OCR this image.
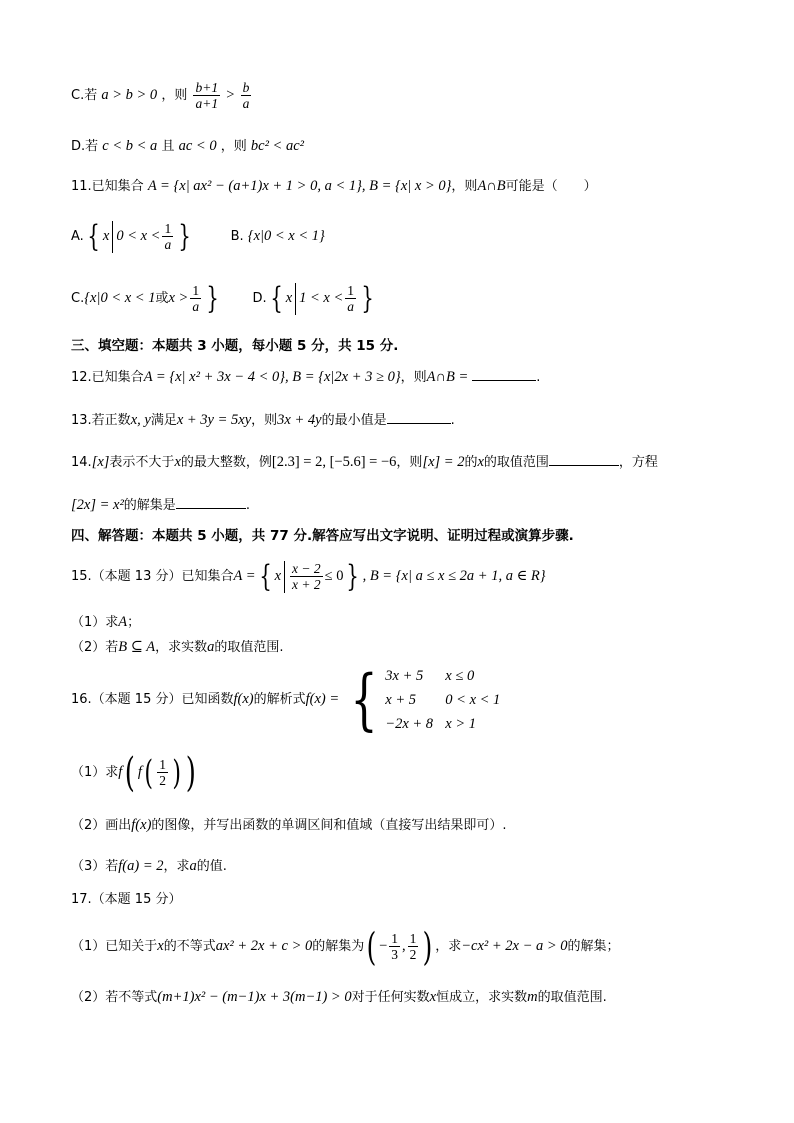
C.若 a > b > 0 ，则 $\frac{b+1}{a+1} > \frac{b}{a}$
D.若 c < b < a 且 ac < 0 ，则 bc² < ac²
11.已知集合 A = {x| ax² − (a+1)x + 1 > 0, a < 1}, B = {x| x > 0}，则A∩B可能是（　　）
A. { x $0 < x < \frac{1}{a}$ }	B. {x|0 < x < 1}
C.{x|0 < x < 1或$x > \frac{1}{a}$ }	D. { x $1 < x < \frac{1}{a}$ }
三、填空题：本题共 3 小题，每小题 5 分，共 15 分.
12.已知集合A = {x| x² + 3x − 4 < 0}, B = {x|2x + 3 ≥ 0}，则A∩B =	.
13.若正数x, y满足x + 3y = 5xy，则3x + 4y的最小值是	.
14.[x]表示不大于x的最大整数，例[2.3] = 2, [−5.6] = −6，则[x] = 2的x的取值范围	，方程
[2x] = x²的解集是	.
四、解答题：本题共 5 小题，共 77 分.解答应写出文字说明、证明过程或演算步骤.
15.（本题 13 分）已知集合A = { x $\frac{x - 2}{x + 2} \le 0$ } , B = {x| a ≤ x ≤ 2a + 1, a ∈ R}
（1）求A；
（2）若B ⊆ A，求实数a的取值范围.
16.（本题 15 分）已知函数f(x)的解析式f(x) = { 3x + 5 x ≤ 0
x + 5 0 < x < 1
−2x + 8 x > 1
（1）求f( $f( \frac{1}{2}$ ) )
（2）画出f(x)的图像，并写出函数的单调区间和值域（直接写出结果即可）.
（3）若f(a) = 2，求a的值.
17.（本题 15 分）
（1）已知关于x的不等式ax² + 2x + c > 0的解集为( − $\frac{1}{3}$ , $\frac{1}{2}$ ) ，求−cx² + 2x − a > 0的解集；
（2）若不等式(m+1)x² − (m−1)x + 3(m−1) > 0对于任何实数x恒成立，求实数m的取值范围.
